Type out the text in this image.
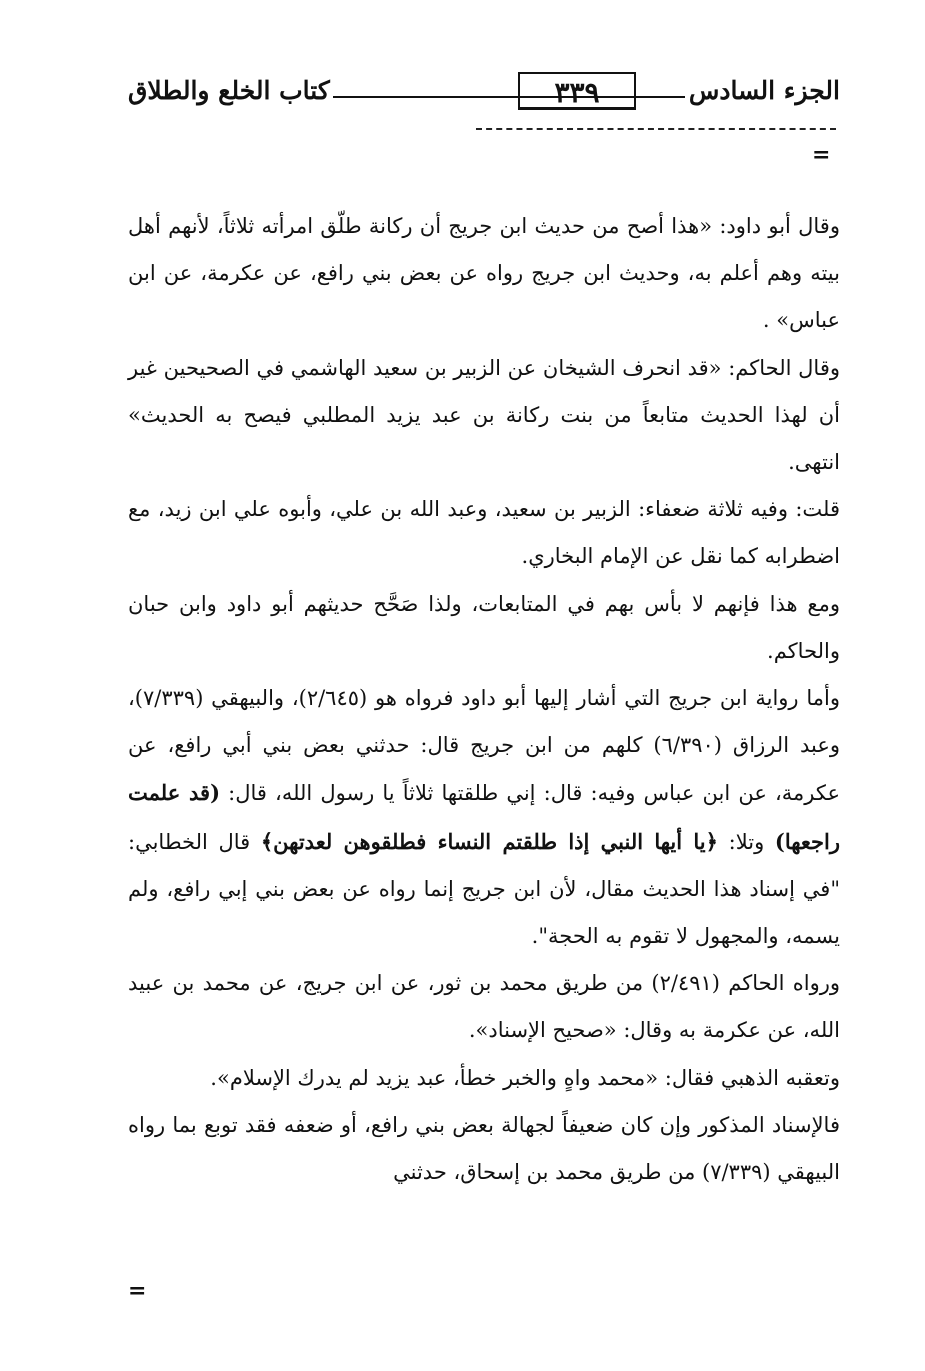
الجزء السادس
٣٣٩
كتاب الخلع والطلاق
=

وقال أبو داود: «هذا أصح من حديث ابن جريج أن ركانة طلّق امرأته ثلاثاً، لأنهم أهل بيته وهم أعلم به، وحديث ابن جريج رواه عن بعض بني رافع، عن عكرمة، عن ابن عباس» .

وقال الحاكم: «قد انحرف الشيخان عن الزبير بن سعيد الهاشمي في الصحيحين غير أن لهذا الحديث متابعاً من بنت ركانة بن عبد يزيد المطلبي فيصح به الحديث» انتهى.

قلت: وفيه ثلاثة ضعفاء: الزبير بن سعيد، وعبد الله بن علي، وأبوه علي ابن زيد، مع اضطرابه كما نقل عن الإمام البخاري.

ومع هذا فإنهم لا بأس بهم في المتابعات، ولذا صَحَّح حديثهم أبو داود وابن حبان والحاكم.

وأما رواية ابن جريج التي أشار إليها أبو داود فرواه هو (٢/٦٤٥)، والبيهقي (٧/٣٣٩)، وعبد الرزاق (٦/٣٩٠) كلهم من ابن جريج قال: حدثني بعض بني أبي رافع، عن عكرمة، عن ابن عباس وفيه: قال: إني طلقتها ثلاثاً يا رسول الله، قال: (قد علمت راجعها) وتلا: ﴿يا أيها النبي إذا طلقتم النساء فطلقوهن لعدتهن﴾ قال الخطابي: "في إسناد هذا الحديث مقال، لأن ابن جريج إنما رواه عن بعض بني إبي رافع، ولم يسمه، والمجهول لا تقوم به الحجة".

ورواه الحاكم (٢/٤٩١) من طريق محمد بن ثور، عن ابن جريج، عن محمد بن عبيد الله، عن عكرمة به وقال: «صحيح الإسناد».

وتعقبه الذهبي فقال: «محمد واهٍ والخبر خطأ، عبد يزيد لم يدرك الإسلام».

فالإسناد المذكور وإن كان ضعيفاً لجهالة بعض بني رافع، أو ضعفه فقد توبع بما رواه البيهقي (٧/٣٣٩) من طريق محمد بن إسحاق، حدثني

=
